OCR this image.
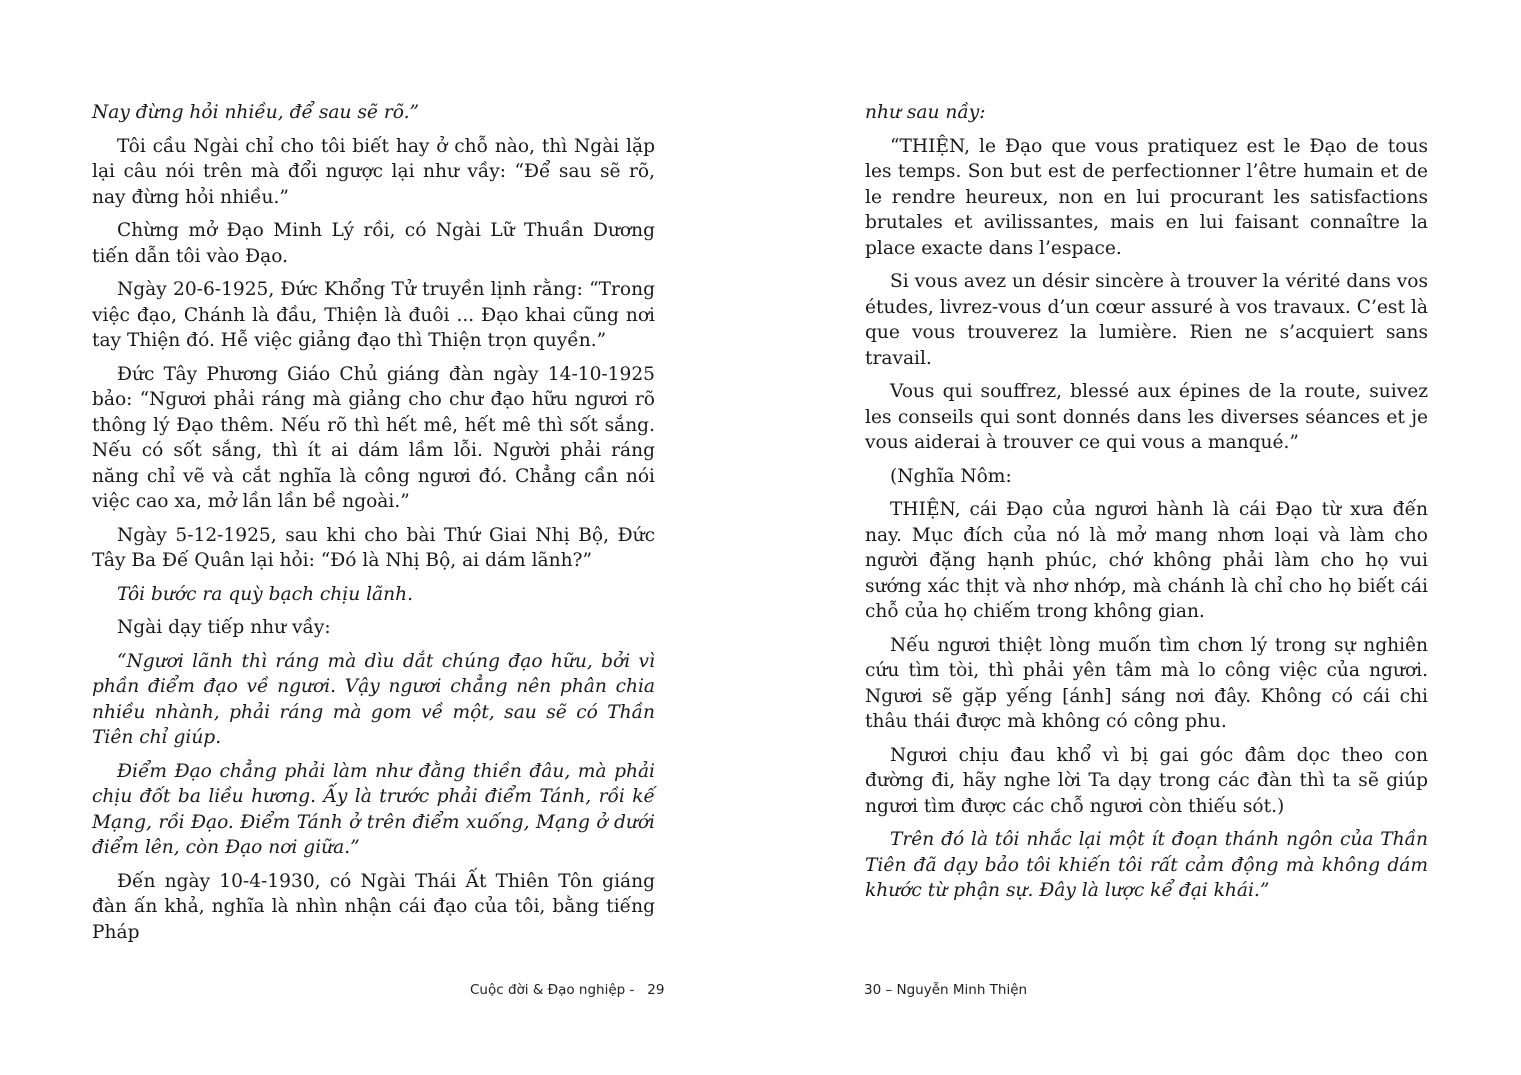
Nay đừng hỏi nhiều, để sau sẽ rõ.”

Tôi cầu Ngài chỉ cho tôi biết hay ở chỗ nào, thì Ngài lặp lại câu nói trên mà đổi ngược lại như vầy: “Để sau sẽ rõ, nay đừng hỏi nhiều.”

Chừng mở Đạo Minh Lý rồi, có Ngài Lữ Thuần Dương tiến dẫn tôi vào Đạo.

Ngày 20-6-1925, Đức Khổng Tử truyền lịnh rằng: “Trong việc đạo, Chánh là đầu, Thiện là đuôi ... Đạo khai cũng nơi tay Thiện đó. Hễ việc giảng đạo thì Thiện trọn quyền.”

Đức Tây Phương Giáo Chủ giáng đàn ngày 14-10-1925 bảo: “Ngươi phải ráng mà giảng cho chư đạo hữu ngươi rõ thông lý Đạo thêm. Nếu rõ thì hết mê, hết mê thì sốt sắng. Nếu có sốt sắng, thì ít ai dám lầm lỗi. Người phải ráng năng chỉ vẽ và cắt nghĩa là công ngươi đó. Chẳng cần nói việc cao xa, mở lần lần bề ngoài.”

Ngày 5-12-1925, sau khi cho bài Thứ Giai Nhị Bộ, Đức Tây Ba Đế Quân lại hỏi: “Đó là Nhị Bộ, ai dám lãnh?”

Tôi bước ra quỳ bạch chịu lãnh.

Ngài dạy tiếp như vầy:

“Ngươi lãnh thì ráng mà dìu dắt chúng đạo hữu, bởi vì phần điểm đạo về ngươi. Vậy ngươi chẳng nên phân chia nhiều nhành, phải ráng mà gom về một, sau sẽ có Thần Tiên chỉ giúp.

Điểm Đạo chẳng phải làm như đằng thiền đâu, mà phải chịu đốt ba liều hương. Ấy là trước phải điểm Tánh, rồi kế Mạng, rồi Đạo. Điểm Tánh ở trên điểm xuống, Mạng ở dưới điểm lên, còn Đạo nơi giữa.”

Đến ngày 10-4-1930, có Ngài Thái Ất Thiên Tôn giáng đàn ấn khả, nghĩa là nhìn nhận cái đạo của tôi, bằng tiếng Pháp

như sau nầy:

“THIỆN, le Đạo que vous pratiquez est le Đạo de tous les temps. Son but est de perfectionner l’être humain et de le rendre heureux, non en lui procurant les satisfactions brutales et avilissantes, mais en lui faisant connaître la place exacte dans l’espace.

Si vous avez un désir sincère à trouver la vérité dans vos études, livrez-vous d’un cœur assuré à vos travaux. C’est là que vous trouverez la lumière. Rien ne s’acquiert sans travail.

Vous qui souffrez, blessé aux épines de la route, suivez les conseils qui sont donnés dans les diverses séances et je vous aiderai à trouver ce qui vous a manqué.”

(Nghĩa Nôm:

THIỆN, cái Đạo của ngươi hành là cái Đạo từ xưa đến nay. Mục đích của nó là mở mang nhơn loại và làm cho người đặng hạnh phúc, chớ không phải làm cho họ vui sướng xác thịt và nhơ nhớp, mà chánh là chỉ cho họ biết cái chỗ của họ chiếm trong không gian.

Nếu ngươi thiệt lòng muốn tìm chơn lý trong sự nghiên cứu tìm tòi, thì phải yên tâm mà lo công việc của ngươi. Ngươi sẽ gặp yếng [ánh] sáng nơi đây. Không có cái chi thâu thái được mà không có công phu.

Ngươi chịu đau khổ vì bị gai góc đâm dọc theo con đường đi, hãy nghe lời Ta dạy trong các đàn thì ta sẽ giúp ngươi tìm được các chỗ ngươi còn thiếu sót.)

Trên đó là tôi nhắc lại một ít đoạn thánh ngôn của Thần Tiên đã dạy bảo tôi khiến tôi rất cảm động mà không dám khước từ phận sự. Đây là lược kể đại khái.”

Cuộc đời & Đạo nghiệp -   29	30 – Nguyễn Minh Thiện
